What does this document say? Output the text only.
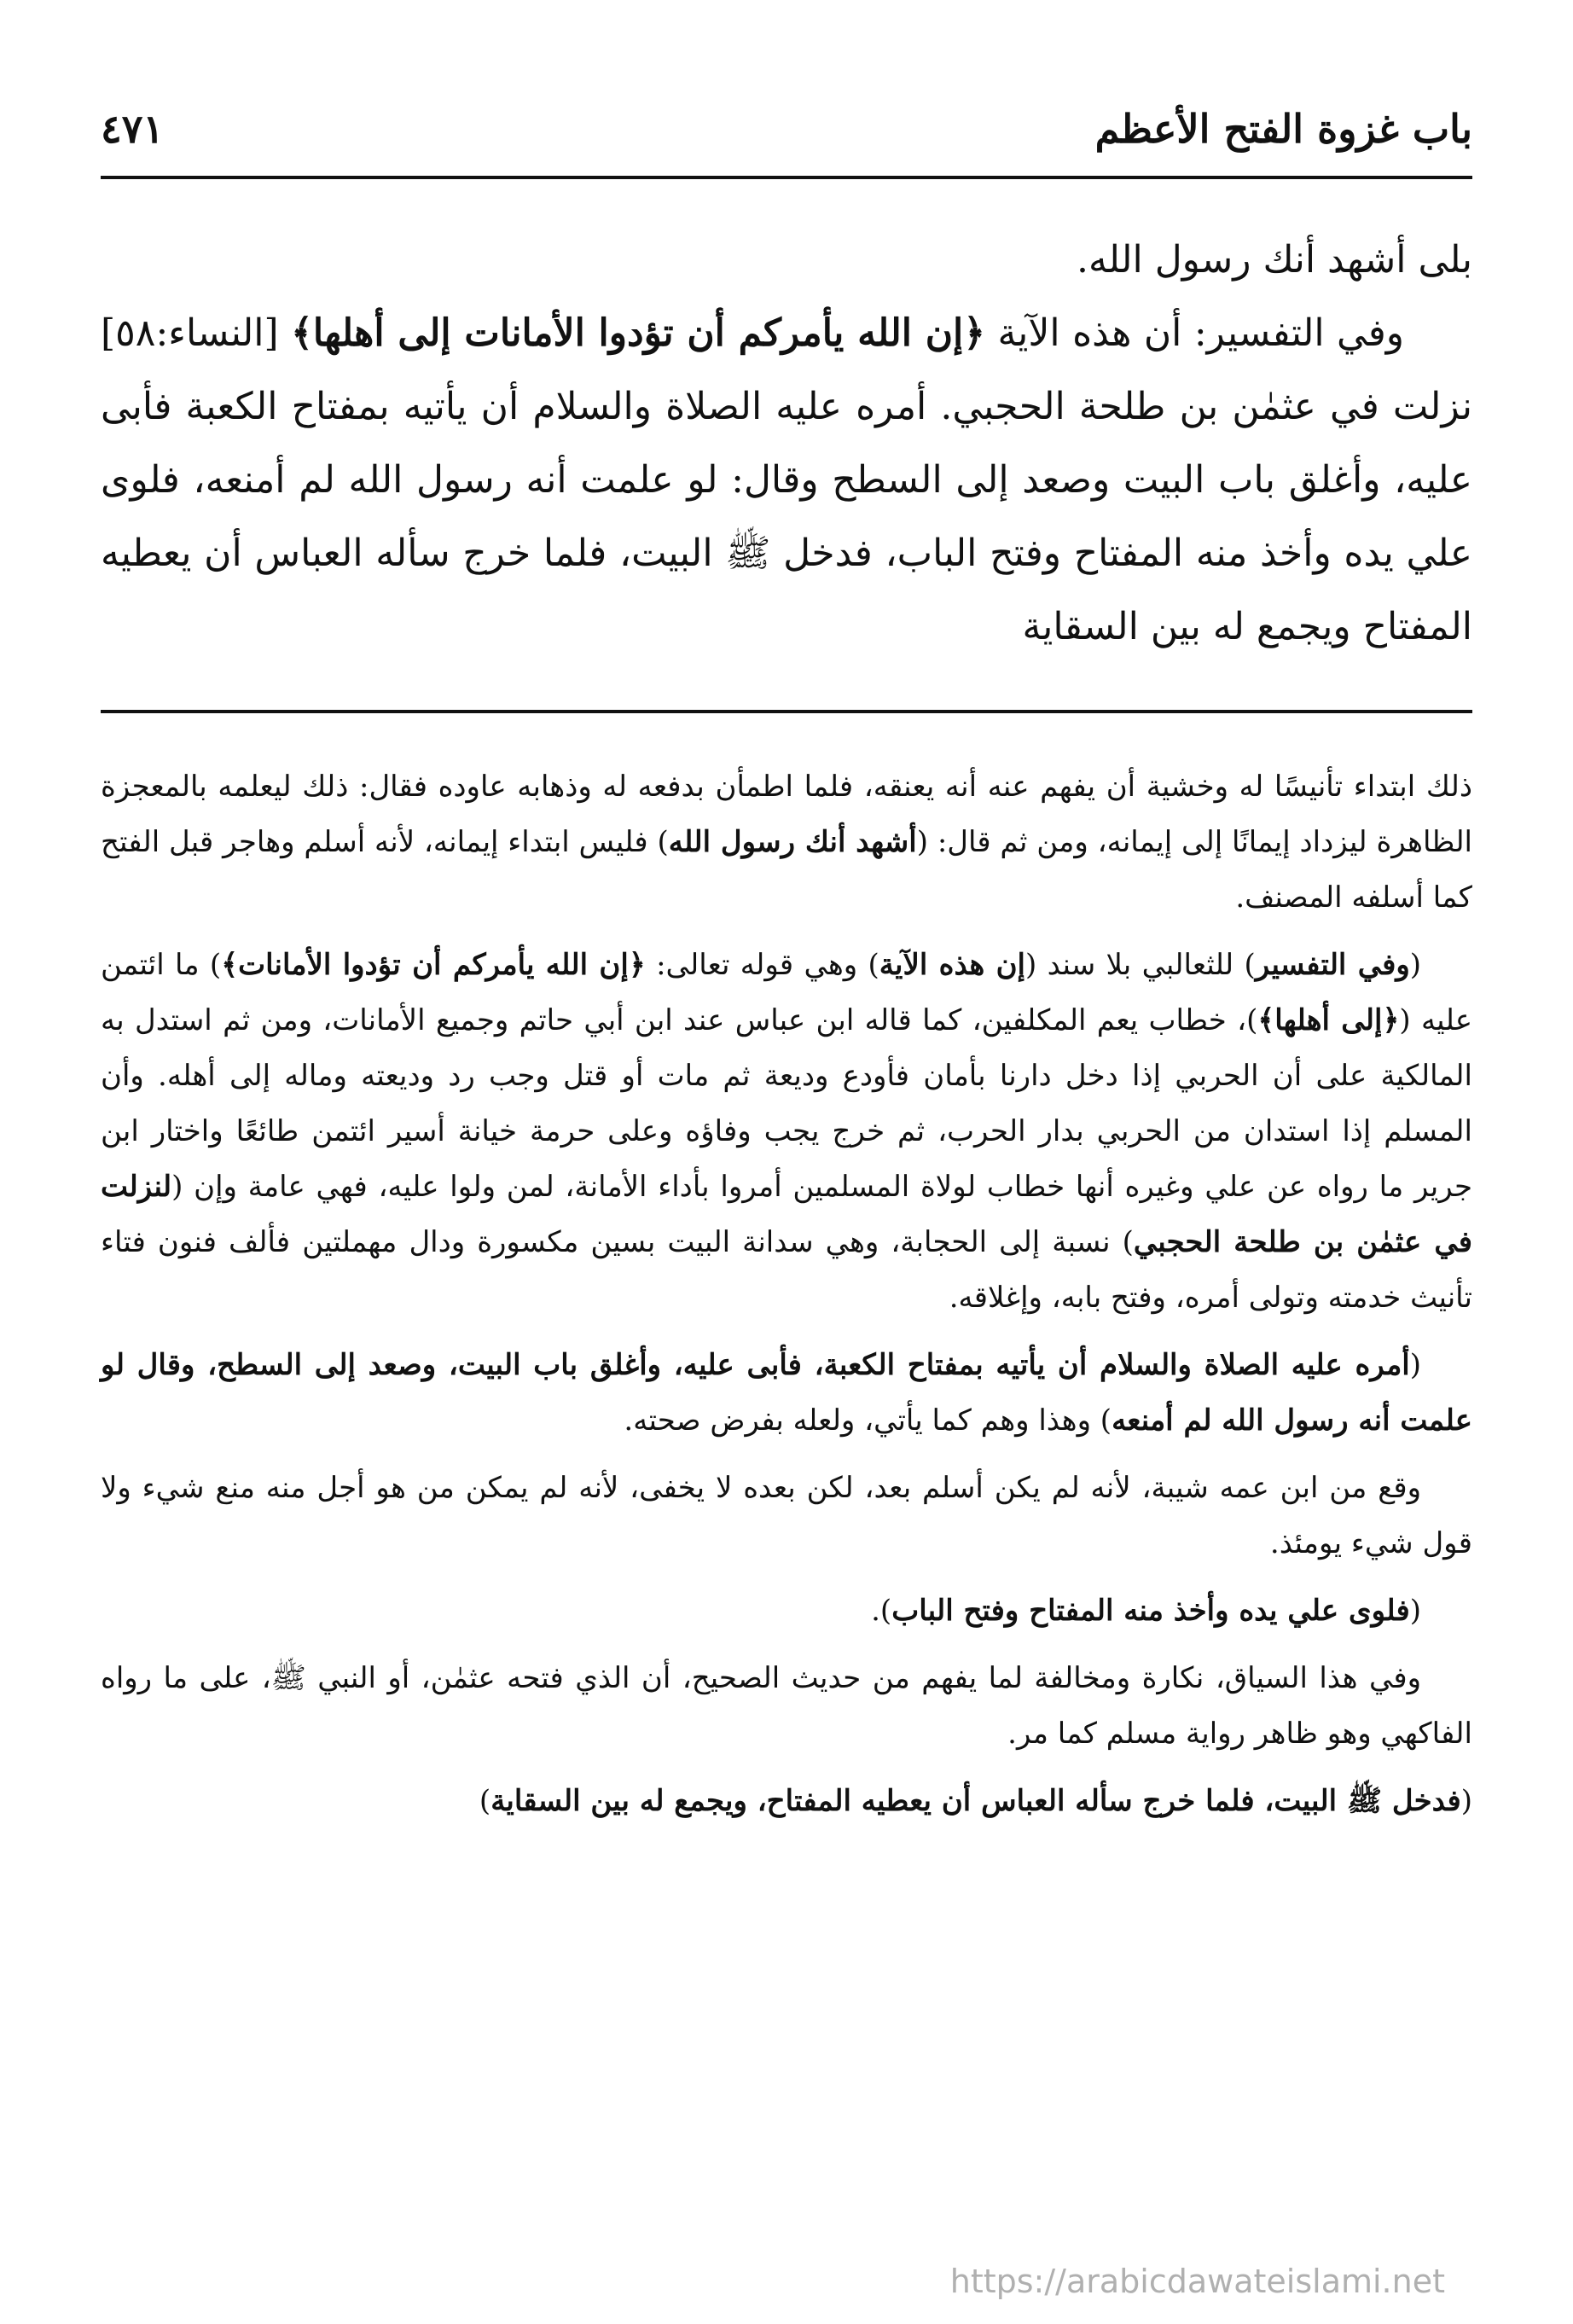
باب غزوة الفتح الأعظم
٤٧١

بلى أشهد أنك رسول الله.

وفي التفسير: أن هذه الآية ﴿إن الله يأمركم أن تؤدوا الأمانات إلى أهلها﴾ [النساء:٥٨] نزلت في عثمٰن بن طلحة الحجبي. أمره عليه الصلاة والسلام أن يأتيه بمفتاح الكعبة فأبى عليه، وأغلق باب البيت وصعد إلى السطح وقال: لو علمت أنه رسول الله لم أمنعه، فلوى علي يده وأخذ منه المفتاح وفتح الباب، فدخل ﷺ البيت، فلما خرج سأله العباس أن يعطيه المفتاح ويجمع له بين السقاية

ذلك ابتداء تأنيسًا له وخشية أن يفهم عنه أنه يعنقه، فلما اطمأن بدفعه له وذهابه عاوده فقال: ذلك ليعلمه بالمعجزة الظاهرة ليزداد إيمانًا إلى إيمانه، ومن ثم قال: (أشهد أنك رسول الله) فليس ابتداء إيمانه، لأنه أسلم وهاجر قبل الفتح كما أسلفه المصنف.

(وفي التفسير) للثعالبي بلا سند (إن هذه الآية) وهي قوله تعالى: ﴿إن الله يأمركم أن تؤدوا الأمانات﴾) ما ائتمن عليه (﴿إلى أهلها﴾)، خطاب يعم المكلفين، كما قاله ابن عباس عند ابن أبي حاتم وجميع الأمانات، ومن ثم استدل به المالكية على أن الحربي إذا دخل دارنا بأمان فأودع وديعة ثم مات أو قتل وجب رد وديعته وماله إلى أهله. وأن المسلم إذا استدان من الحربي بدار الحرب، ثم خرج يجب وفاؤه وعلى حرمة خيانة أسير ائتمن طائعًا واختار ابن جرير ما رواه عن علي وغيره أنها خطاب لولاة المسلمين أمروا بأداء الأمانة، لمن ولوا عليه، فهي عامة وإن (لنزلت في عثمٰن بن طلحة الحجبي) نسبة إلى الحجابة، وهي سدانة البيت بسين مكسورة ودال مهملتين فألف فنون فتاء تأنيث خدمته وتولى أمره، وفتح بابه، وإغلاقه.

(أمره عليه الصلاة والسلام أن يأتيه بمفتاح الكعبة، فأبى عليه، وأغلق باب البيت، وصعد إلى السطح، وقال لو علمت أنه رسول الله لم أمنعه) وهذا وهم كما يأتي، ولعله بفرض صحته.

وقع من ابن عمه شيبة، لأنه لم يكن أسلم بعد، لكن بعده لا يخفى، لأنه لم يمكن من هو أجل منه منع شيء ولا قول شيء يومئذ.

(فلوى علي يده وأخذ منه المفتاح وفتح الباب).

وفي هذا السياق، نكارة ومخالفة لما يفهم من حديث الصحيح، أن الذي فتحه عثمٰن، أو النبي ﷺ، على ما رواه الفاكهي وهو ظاهر رواية مسلم كما مر.

(فدخل ﷺ البيت، فلما خرج سأله العباس أن يعطيه المفتاح، ويجمع له بين السقاية)

https://arabicdawateislami.net
